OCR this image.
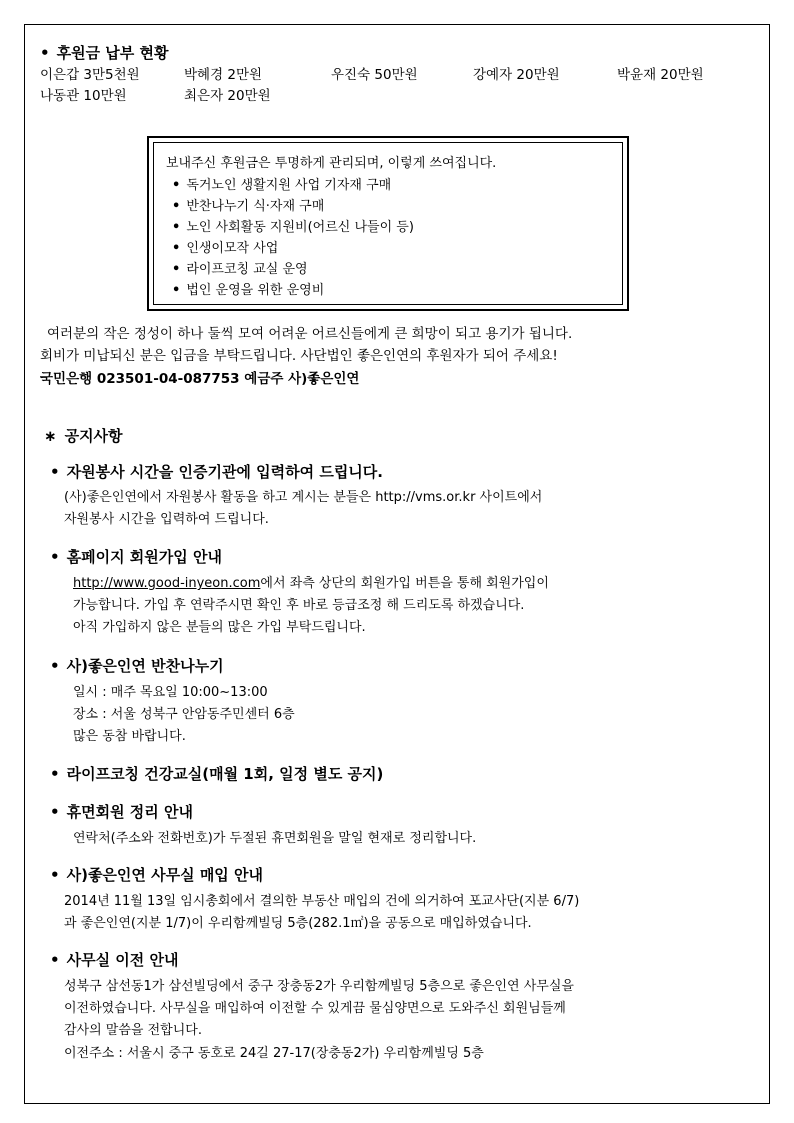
• 후원금 납부 현황
이은갑 3만5천원	박혜경 2만원	우진숙 50만원	강예자 20만원	박윤재 20만원
나동관 10만원	최은자 20만원
보내주신 후원금은 투명하게 관리되며, 이렇게 쓰여집니다.
• 독거노인 생활지원 사업 기자재 구매
• 반찬나누기 식·자재 구매
• 노인 사회활동 지원비(어르신 나들이 등)
• 인생이모작 사업
• 라이프코칭 교실 운영
• 법인 운영을 위한 운영비
여러분의 작은 정성이 하나 둘씩 모여 어려운 어르신들에게 큰 희망이 되고 용기가 됩니다.
회비가 미납되신 분은 입금을 부탁드립니다. 사단법인 좋은인연의 후원자가 되어 주세요!
국민은행 023501-04-087753 예금주 사)좋은인연
∗ 공지사항
• 자원봉사 시간을 인증기관에 입력하여 드립니다.
(사)좋은인연에서 자원봉사 활동을 하고 계시는 분들은 http://vms.or.kr 사이트에서
자원봉사 시간을 입력하여 드립니다.
• 홈페이지 회원가입 안내
http://www.good-inyeon.com에서 좌측 상단의 회원가입 버튼을 통해 회원가입이
가능합니다. 가입 후 연락주시면 확인 후 바로 등급조정 해 드리도록 하겠습니다.
아직 가입하지 않은 분들의 많은 가입 부탁드립니다.
• 사)좋은인연 반찬나누기
일시 : 매주 목요일 10:00~13:00
장소 : 서울 성북구 안암동주민센터 6층
많은 동참 바랍니다.
• 라이프코칭 건강교실(매월 1회, 일정 별도 공지)
• 휴면회원 정리 안내
연락처(주소와 전화번호)가 두절된 휴면회원을 말일 현재로 정리합니다.
• 사)좋은인연 사무실 매입 안내
2014년 11월 13일 임시총회에서 결의한 부동산 매입의 건에 의거하여 포교사단(지분 6/7)
과 좋은인연(지분 1/7)이 우리함께빌딩 5층(282.1㎡)을 공동으로 매입하였습니다.
• 사무실 이전 안내
성북구 삼선동1가 삼선빌딩에서 중구 장충동2가 우리함께빌딩 5층으로 좋은인연 사무실을
이전하였습니다. 사무실을 매입하여 이전할 수 있게끔 물심양면으로 도와주신 회원님들께
감사의 말씀을 전합니다.
이전주소 : 서울시 중구 동호로 24길 27-17(장충동2가) 우리함께빌딩 5층
